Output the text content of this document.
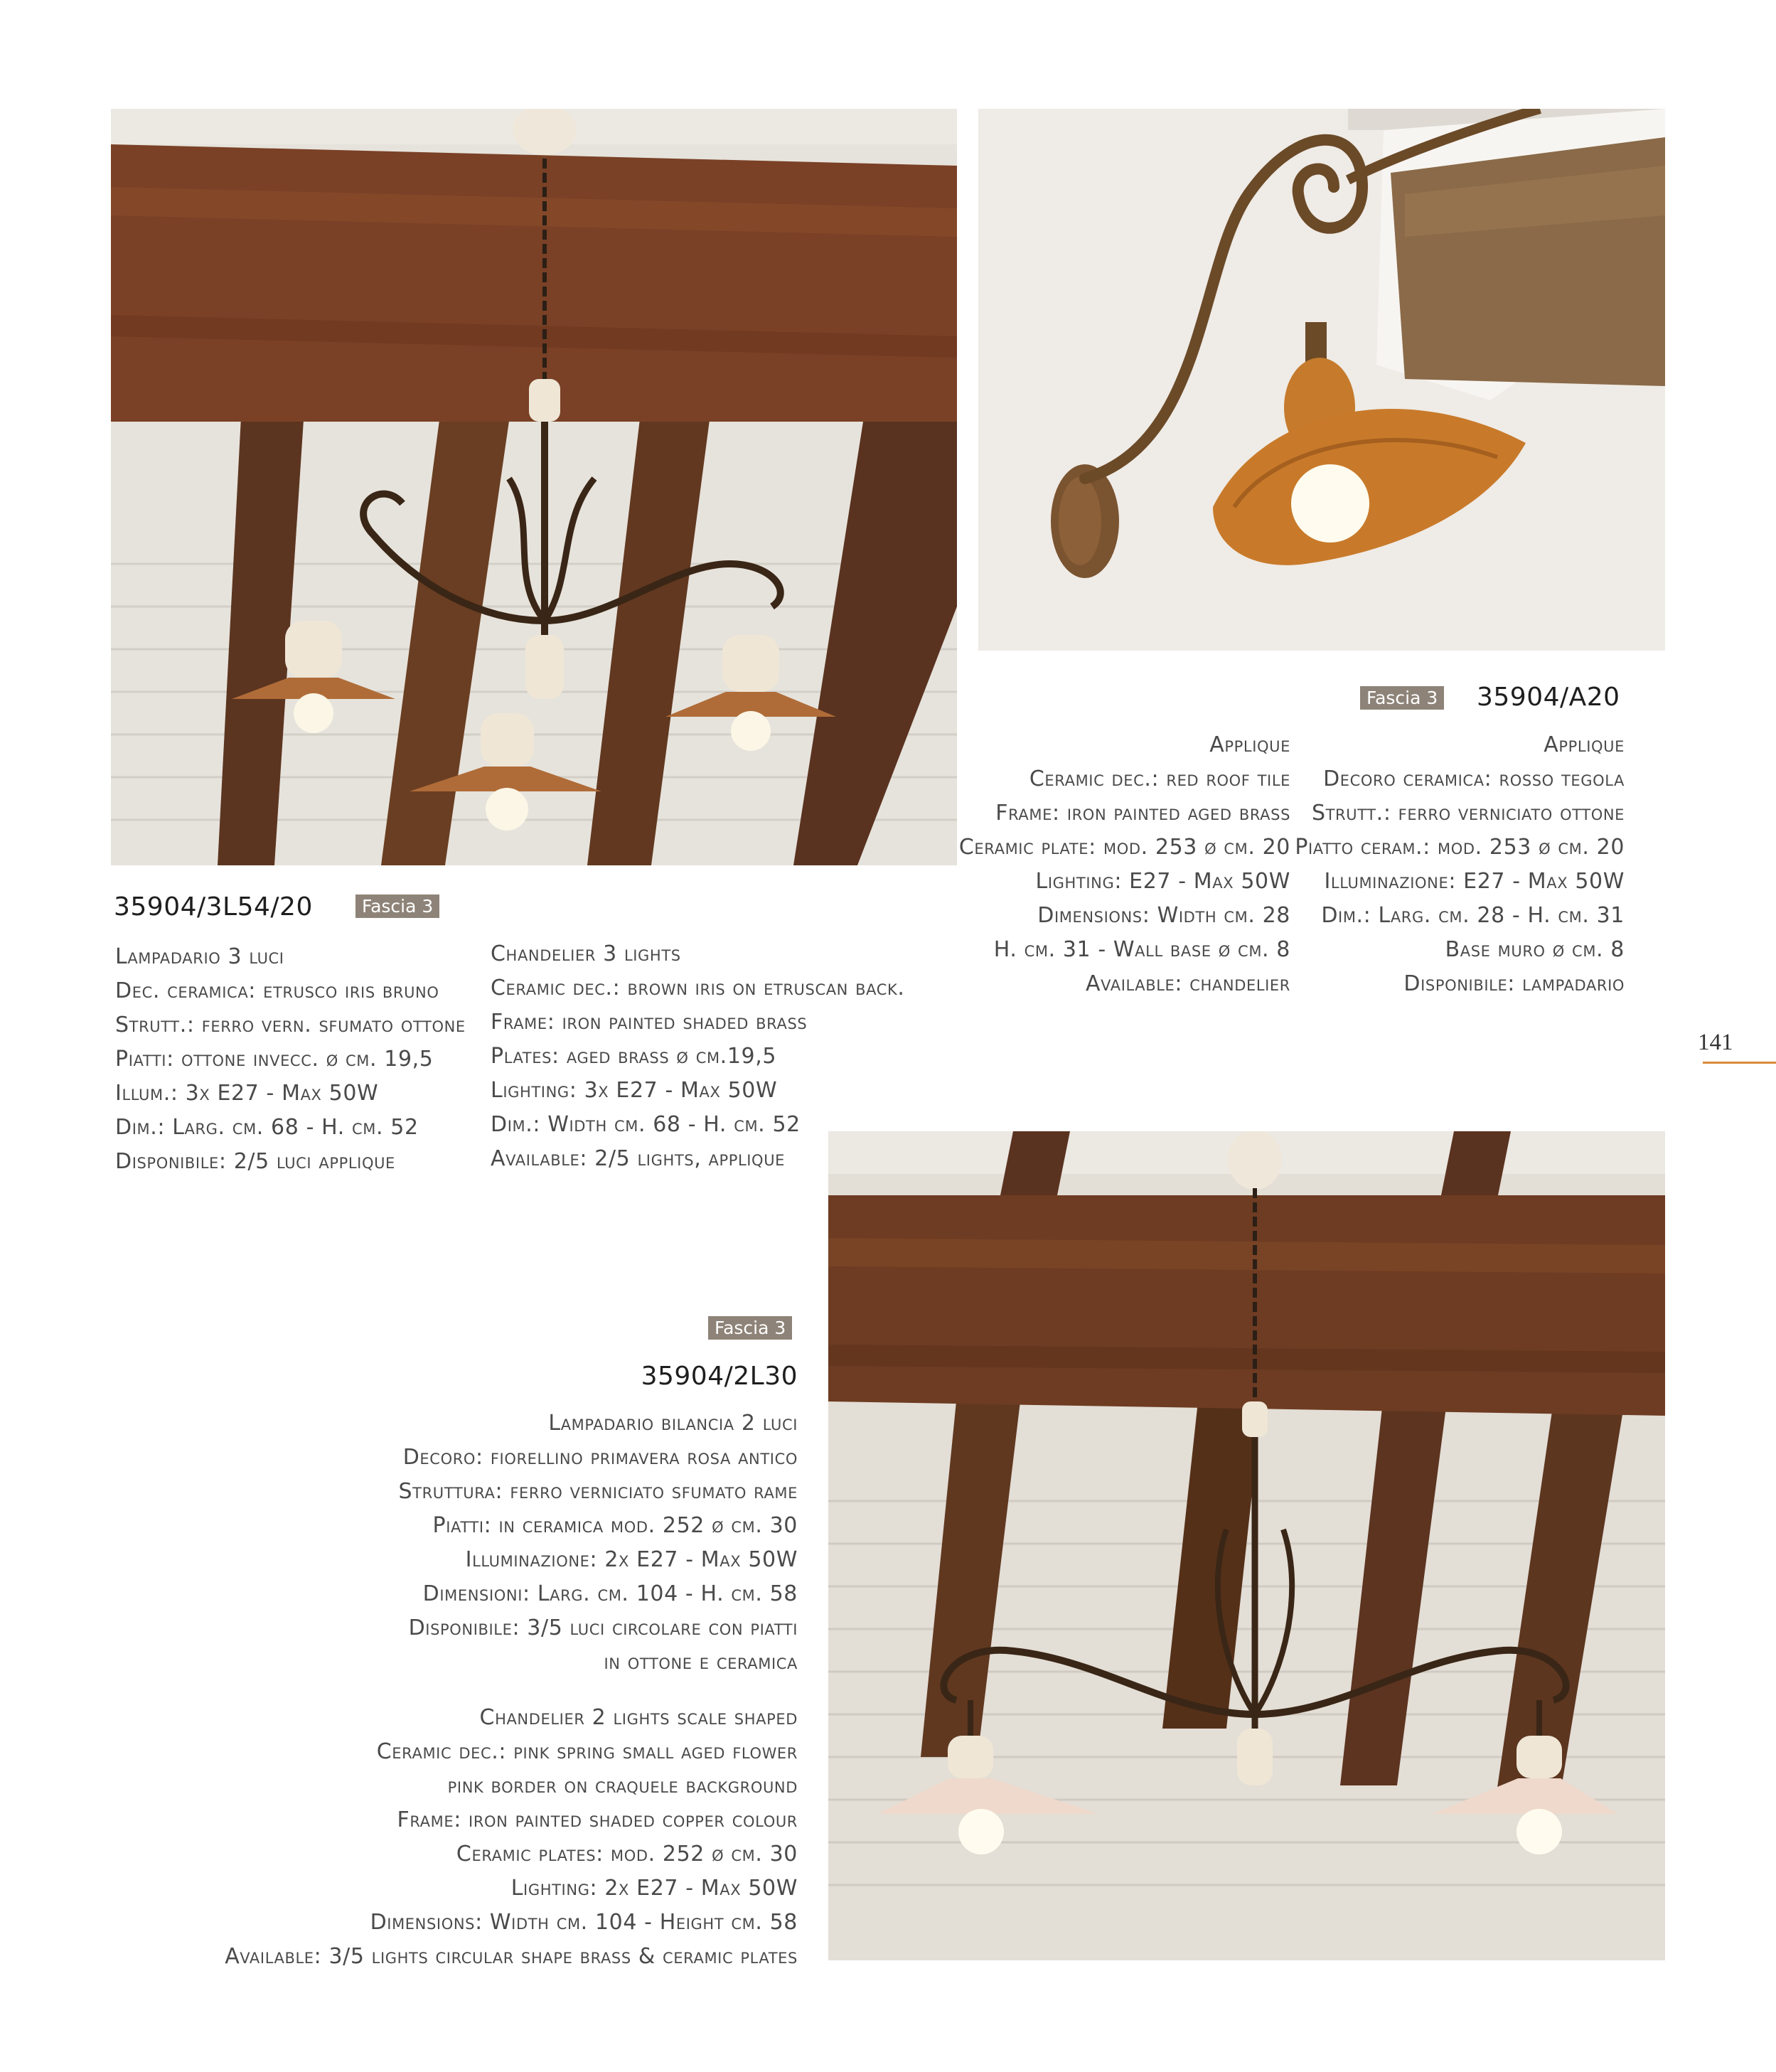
35904/3L54/20	Fascia 3
Lampadario 3 luci
Dec. ceramica: etrusco iris bruno
Strutt.: ferro vern. sfumato ottone
Piatti: ottone invecc. ø cm. 19,5
Illum.: 3x E27 - Max 50W
Dim.: Larg. cm. 68 - H. cm. 52
Disponibile: 2/5 luci applique
Chandelier 3 lights
Ceramic dec.: brown iris on etruscan back.
Frame: iron painted shaded brass
Plates: aged brass ø cm.19,5
Lighting: 3x E27 - Max 50W
Dim.: Width cm. 68 - H. cm. 52
Available: 2/5 lights, applique
Fascia 3 35904/A20
Applique
Ceramic dec.: red roof tile
Frame: iron painted aged brass
Ceramic plate: mod. 253 ø cm. 20
Lighting: E27 - Max 50W
Dimensions: Width cm. 28
H. cm. 31 - Wall base ø cm. 8
Available: chandelier
Applique
Decoro ceramica: rosso tegola
Strutt.: ferro verniciato ottone
Piatto ceram.: mod. 253 ø cm. 20
Illuminazione: E27 - Max 50W
Dim.: Larg. cm. 28 - H. cm. 31
Base muro ø cm. 8
Disponibile: lampadario
141
Fascia 3
35904/2L30
Lampadario bilancia 2 luci
Decoro: fiorellino primavera rosa antico
Struttura: ferro verniciato sfumato rame
Piatti: in ceramica mod. 252 ø cm. 30
Illuminazione: 2x E27 - Max 50W
Dimensioni: Larg. cm. 104 - H. cm. 58
Disponibile: 3/5 luci circolare con piatti
in ottone e ceramica
Chandelier 2 lights scale shaped
Ceramic dec.: pink spring small aged flower
pink border on craquele background
Frame: iron painted shaded copper colour
Ceramic plates: mod. 252 ø cm. 30
Lighting: 2x E27 - Max 50W
Dimensions: Width cm. 104 - Height cm. 58
Available: 3/5 lights circular shape brass & ceramic plates
